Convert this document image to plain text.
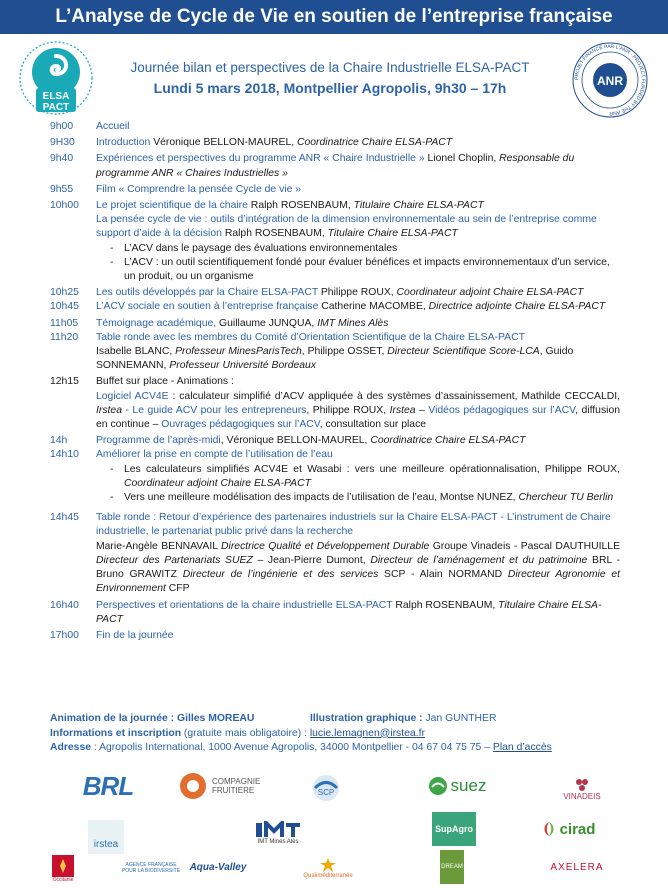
L’Analyse de Cycle de Vie en soutien de l’entreprise française
ELSA
PACT
ANR
PROJET FINANCÉ PAR L'ANR · PROJECT FUNDED BY THE ANR
Journée bilan et perspectives de la Chaire Industrielle ELSA-PACT
Lundi 5 mars 2018, Montpellier Agropolis, 9h30 – 17h
9h00	Accueil
9H30	Introduction Véronique BELLON-MAUREL, Coordinatrice Chaire ELSA-PACT
9h40	Expériences et perspectives du programme ANR « Chaire Industrielle » Lionel Choplin, Responsable du programme ANR « Chaires Industrielles »
9h55	Film « Comprendre la pensée Cycle de vie »
10h00	Le projet scientifique de la chaire Ralph ROSENBAUM, Titulaire Chaire ELSA-PACT
La pensée cycle de vie : outils d’intégration de la dimension environnementale au sein de l’entreprise comme support d’aide à la décision Ralph ROSENBAUM, Titulaire Chaire ELSA-PACT
-	L’ACV dans le paysage des évaluations environnementales
-	L’ACV : un outil scientifiquement fondé pour évaluer bénéfices et impacts environnementaux d’un service, un produit, ou un organisme
10h25	Les outils développés par la Chaire ELSA-PACT Philippe ROUX, Coordinateur adjoint Chaire ELSA-PACT
10h45	L’ACV sociale en soutien à l’entreprise française Catherine MACOMBE, Directrice adjointe Chaire ELSA-PACT
11h05	Témoignage académique, Guillaume JUNQUA, IMT Mines Alès
11h20	Table ronde avec les membres du Comité d’Orientation Scientifique de la Chaire ELSA-PACT
Isabelle BLANC, Professeur MinesParisTech, Philippe OSSET, Directeur Scientifique Score-LCA, Guido SONNEMANN, Professeur Université Bordeaux
12h15	Buffet sur place - Animations :
Logiciel ACV4E : calculateur simplifié d’ACV appliquée à des systèmes d’assainissement, Mathilde CECCALDI, Irstea - Le guide ACV pour les entrepreneurs, Philippe ROUX, Irstea – Vidéos pédagogiques sur l’ACV, diffusion en continue – Ouvrages pédagogiques sur l’ACV, consultation sur place
14h	Programme de l’après-midi, Véronique BELLON-MAUREL, Coordinatrice Chaire ELSA-PACT
14h10	Améliorer la prise en compte de l’utilisation de l’eau
-	Les calculateurs simplifiés ACV4E et Wasabi : vers une meilleure opérationnalisation, Philippe ROUX, Coordinateur adjoint Chaire ELSA-PACT
-	Vers une meilleure modélisation des impacts de l’utilisation de l’eau, Montse NUNEZ, Chercheur TU Berlin
14h45	Table ronde : Retour d’expérience des partenaires industriels sur la Chaire ELSA-PACT - L’instrument de Chaire industrielle, le partenariat public privé dans la recherche
Marie-Angèle BENNAVAIL Directrice Qualité et Développement Durable Groupe Vinadeis - Pascal DAUTHUILLE Directeur des Partenariats SUEZ – Jean-Pierre Dumont, Directeur de l’aménagement et du patrimoine BRL - Bruno GRAWITZ Directeur de l’ingénierie et des services SCP - Alain NORMAND Directeur Agronomie et Environnement CFP
16h40	Perspectives et orientations de la chaire industrielle ELSA-PACT Ralph ROSENBAUM, Titulaire Chaire ELSA-PACT
17h00	Fin de la journée
Animation de la journée : Gilles MOREAU	Illustration graphique : Jan GUNTHER
Informations et inscription (gratuite mais obligatoire) : lucie.lemagnen@irstea.fr
Adresse : Agropolis International, 1000 Avenue Agropolis, 34000 Montpellier - 04 67 04 75 75 – Plan d’accès
BRL	COMPAGNIE
FRUITIERE	SCP	suez
VINADEIS
irstea	IMT Mines Alès
SupAgro	cirad
Occitanie
AGENCE FRANÇAISE POUR LA BIODIVERSITÉ Aqua-Valley
Qualiméditerranée
DREAM	AXELERA
